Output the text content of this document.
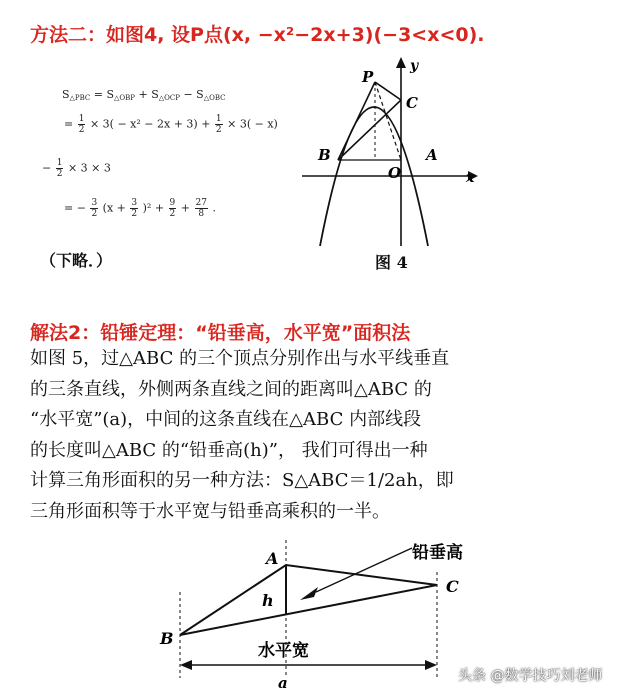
方法二：如图4, 设P点(x, −x²−2x+3)(−3<x<0).
$S_{\triangle PBC} = S_{\triangle OBP} + S_{\triangle OCP} - S_{\triangle OBC}$
= $\frac{1}{2} \times 3( - x^2 - 2x + 3) + \frac{1}{2} \times 3( - x)$
− $\frac{1}{2} \times 3 \times 3$
= − $\frac{3}{2} (x + \frac{3}{2} )^2 + \frac{9}{2} + \frac{27}{8}$ .
（下略．）
y
P
C
B	A
O	x
图 4
解法2：铅锤定理：“铅垂高，水平宽”面积法
如图 5，过△ABC 的三个顶点分别作出与水平线垂直
的三条直线，外侧两条直线之间的距离叫△ABC 的
“水平宽”(a)，中间的这条直线在△ABC 内部线段
的长度叫△ABC 的“铅垂高(h)”， 我们可得出一种
计算三角形面积的另一种方法：S△ABC＝1/2ah，即
三角形面积等于水平宽与铅垂高乘积的一半。
A
C
B
h
铅垂高
水平宽
a	头条 @数学技巧刘老师
